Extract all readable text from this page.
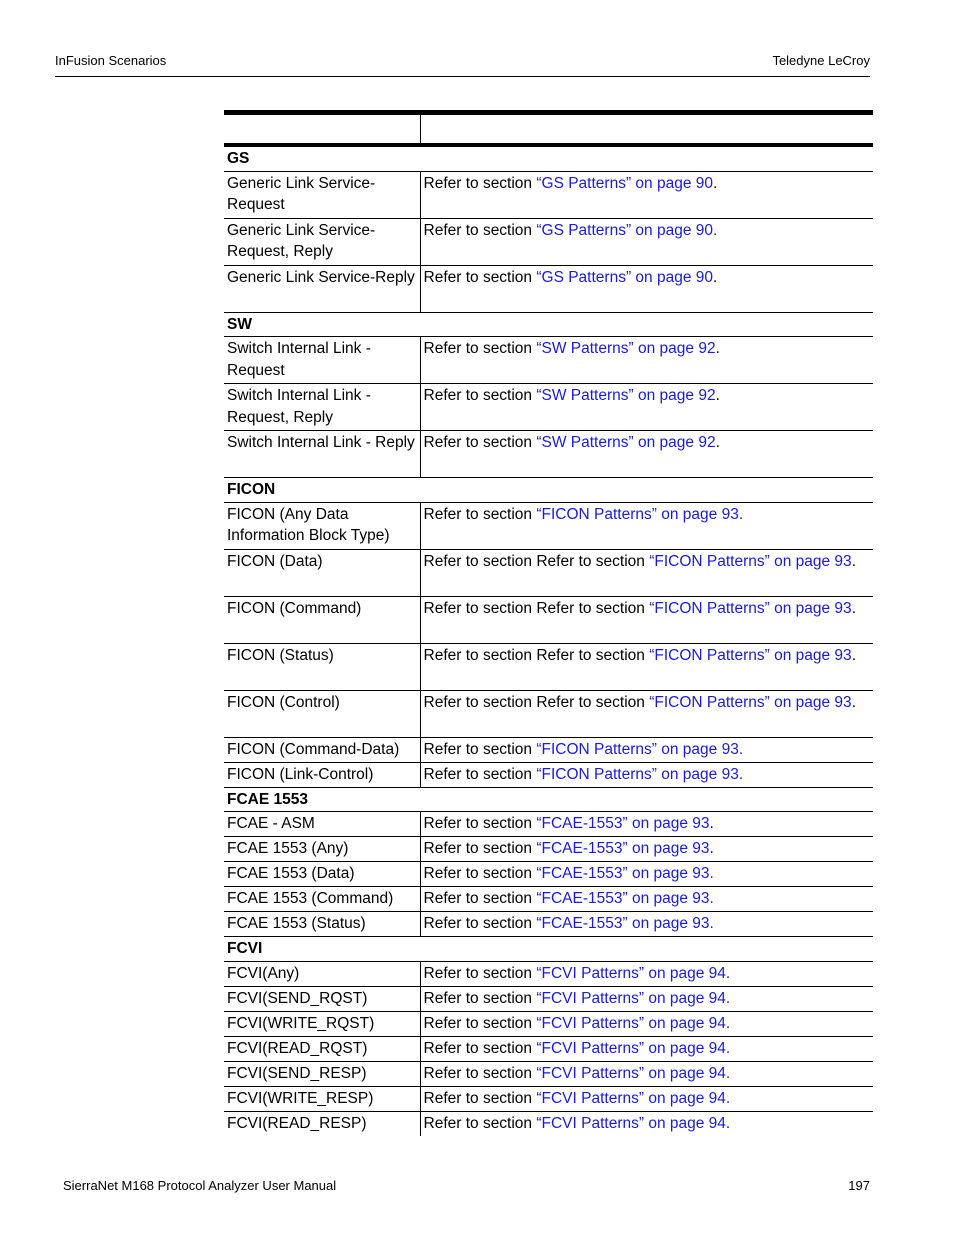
InFusion Scenarios	Teledyne LeCroy

GS	
Generic Link Service-Request	Refer to section “GS Patterns” on page 90.
Generic Link Service-Request, Reply	Refer to section “GS Patterns” on page 90.
Generic Link Service-Reply	Refer to section “GS Patterns” on page 90.
SW	
Switch Internal Link - Request	Refer to section “SW Patterns” on page 92.
Switch Internal Link - Request, Reply	Refer to section “SW Patterns” on page 92.
Switch Internal Link - Reply	Refer to section “SW Patterns” on page 92.
FICON	
FICON (Any Data Information Block Type)	Refer to section “FICON Patterns” on page 93.
FICON (Data)	Refer to section Refer to section “FICON Patterns” on page 93.
FICON (Command)	Refer to section Refer to section “FICON Patterns” on page 93.
FICON (Status)	Refer to section Refer to section “FICON Patterns” on page 93.
FICON (Control)	Refer to section Refer to section “FICON Patterns” on page 93.
FICON (Command-Data)	Refer to section “FICON Patterns” on page 93.
FICON (Link-Control)	Refer to section “FICON Patterns” on page 93.
FCAE 1553	
FCAE - ASM	Refer to section “FCAE-1553” on page 93.
FCAE 1553 (Any)	Refer to section “FCAE-1553” on page 93.
FCAE 1553 (Data)	Refer to section “FCAE-1553” on page 93.
FCAE 1553 (Command)	Refer to section “FCAE-1553” on page 93.
FCAE 1553 (Status)	Refer to section “FCAE-1553” on page 93.
FCVI	
FCVI(Any)	Refer to section “FCVI Patterns” on page 94.
FCVI(SEND_RQST)	Refer to section “FCVI Patterns” on page 94.
FCVI(WRITE_RQST)	Refer to section “FCVI Patterns” on page 94.
FCVI(READ_RQST)	Refer to section “FCVI Patterns” on page 94.
FCVI(SEND_RESP)	Refer to section “FCVI Patterns” on page 94.
FCVI(WRITE_RESP)	Refer to section “FCVI Patterns” on page 94.
FCVI(READ_RESP)	Refer to section “FCVI Patterns” on page 94.
SierraNet M168 Protocol Analyzer User Manual	197
